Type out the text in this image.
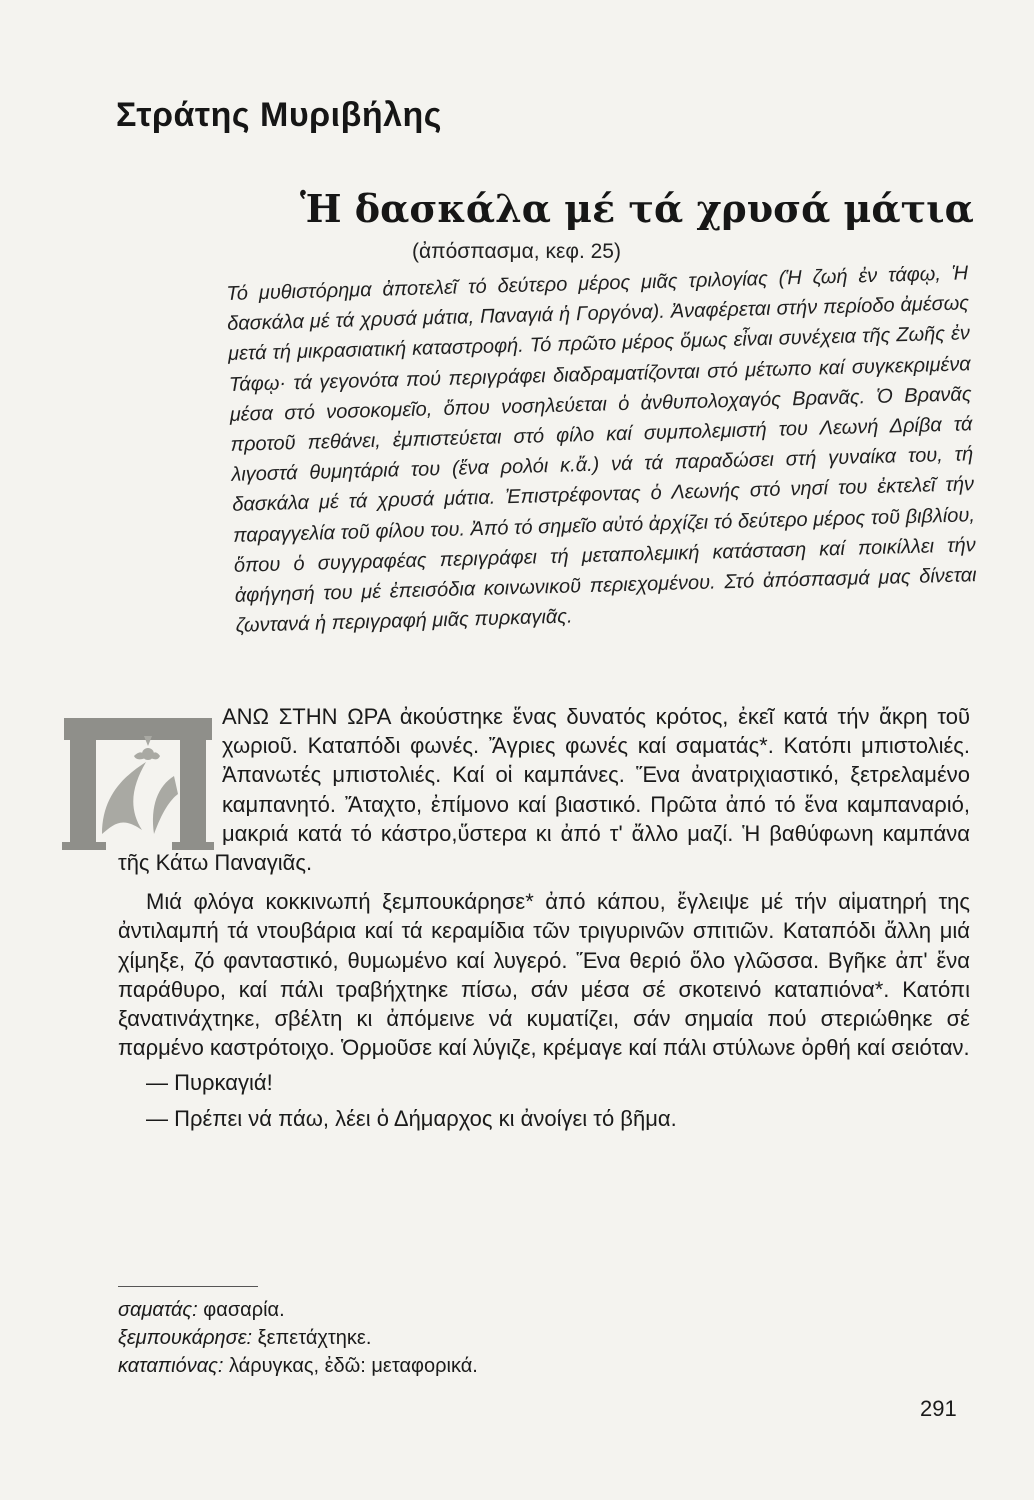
Στράτης Μυριβήλης
Ἡ δασκάλα μέ τά χρυσά μάτια
(ἀπόσπασμα, κεφ. 25)
Τό μυθιστόρημα ἀποτελεῖ τό δεύτερο μέρος μιᾶς τριλογίας (Ἡ ζωή ἐν τάφῳ, Ἡ δασκάλα μέ τά χρυσά μάτια, Παναγιά ἡ Γοργόνα). Ἀναφέρεται στήν περίοδο ἀμέσως μετά τή μικρασιατική καταστροφή. Τό πρῶτο μέρος ὅμως εἶναι συνέχεια τῆς Ζωῆς ἐν Τάφῳ· τά γεγονότα πού περιγράφει διαδραματίζονται στό μέτωπο καί συγκεκριμένα μέσα στό νοσοκομεῖο, ὅπου νοσηλεύεται ὁ ἀνθυπολοχαγός Βρανᾶς. Ὁ Βρανᾶς προτοῦ πεθάνει, ἐμπιστεύεται στό φίλο καί συμπολεμιστή του Λεωνή Δρίβα τά λιγοστά θυμητάριά του (ἕνα ρολόι κ.ἄ.) νά τά παραδώσει στή γυναίκα του, τή δασκάλα μέ τά χρυσά μάτια. Ἐπιστρέφοντας ὁ Λεωνής στό νησί του ἐκτελεῖ τήν παραγγελία τοῦ φίλου του. Ἀπό τό σημεῖο αὐτό ἀρχίζει τό δεύτερο μέρος τοῦ βιβλίου, ὅπου ὁ συγγραφέας περιγράφει τή μεταπολεμική κατάσταση καί ποικίλλει τήν ἀφήγησή του μέ ἐπεισόδια κοινωνικοῦ περιεχομένου. Στό ἀπόσπασμά μας δίνεται ζωντανά ἡ περιγραφή μιᾶς πυρκαγιᾶς.

ΑΝΩ ΣΤΗΝ ΩΡΑ ἀκούστηκε ἕνας δυνατός κρότος, ἐκεῖ κατά τήν ἄκρη τοῦ χωριοῦ. Καταπόδι φωνές. Ἄγριες φωνές καί σαματάς*. Κατόπι μπιστολιές. Ἀπανωτές μπιστολιές. Καί οἱ καμπάνες. Ἕνα ἀνατριχιαστικό, ξετρελαμένο καμπανητό. Ἄταχτο, ἐπίμονο καί βιαστικό. Πρῶτα ἀπό τό ἕνα καμπαναριό, μακριά κατά τό κάστρο,ὕστερα κι ἀπό τ' ἄλλο μαζί. Ἡ βαθύφωνη καμπάνα τῆς Κάτω Παναγιᾶς.

Μιά φλόγα κοκκινωπή ξεμπουκάρησε* ἀπό κάπου, ἔγλειψε μέ τήν αἱματηρή της ἀντιλαμπή τά ντουβάρια καί τά κεραμίδια τῶν τριγυρινῶν σπιτιῶν. Καταπόδι ἄλλη μιά χίμηξε, ζό φανταστικό, θυμωμένο καί λυγερό. Ἕνα θεριό ὅλο γλῶσσα. Βγῆκε ἀπ' ἕνα παράθυρο, καί πάλι τραβήχτηκε πίσω, σάν μέσα σέ σκοτεινό καταπιόνα*. Κατόπι ξανατινάχτηκε, σβέλτη κι ἀπόμεινε νά κυματίζει, σάν σημαία πού στεριώθηκε σέ παρμένο καστρότοιχο. Ὁρμοῦσε καί λύγιζε, κρέμαγε καί πάλι στύλωνε ὀρθή καί σειόταν.

— Πυρκαγιά!
— Πρέπει νά πάω, λέει ὁ Δήμαρχος κι ἀνοίγει τό βῆμα.
σαματάς: φασαρία.
ξεμπουκάρησε: ξεπετάχτηκε.
καταπιόνας: λάρυγκας, ἐδῶ: μεταφορικά.
291
